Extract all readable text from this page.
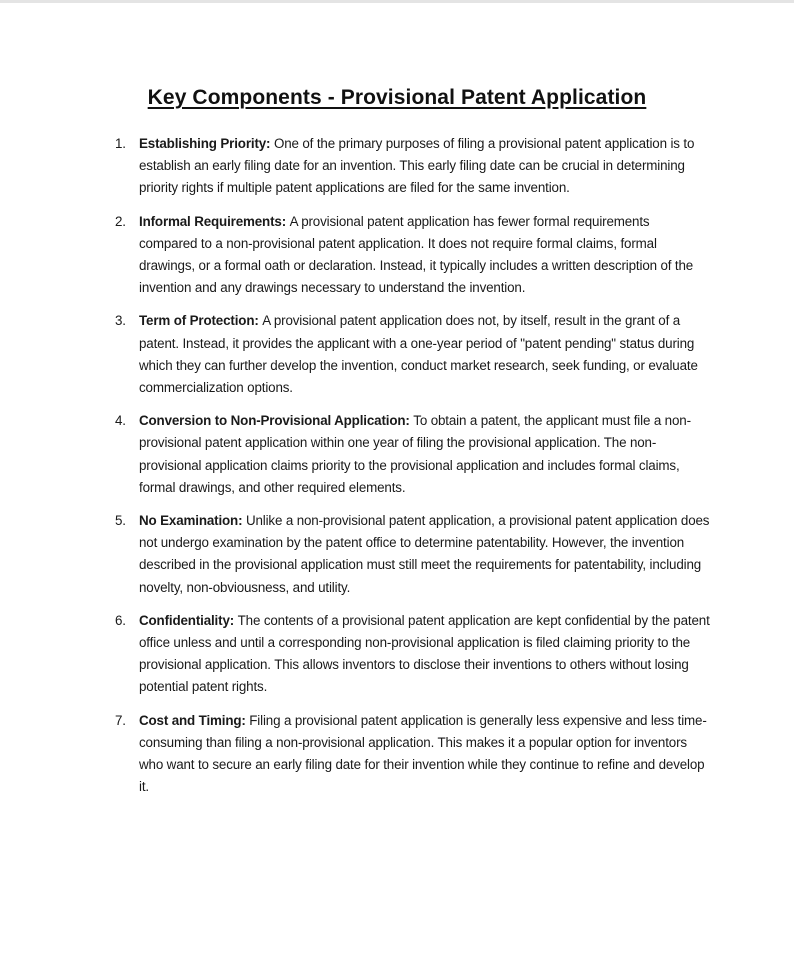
Key Components - Provisional Patent Application
1. Establishing Priority: One of the primary purposes of filing a provisional patent application is to establish an early filing date for an invention. This early filing date can be crucial in determining priority rights if multiple patent applications are filed for the same invention.
2. Informal Requirements: A provisional patent application has fewer formal requirements compared to a non-provisional patent application. It does not require formal claims, formal drawings, or a formal oath or declaration. Instead, it typically includes a written description of the invention and any drawings necessary to understand the invention.
3. Term of Protection: A provisional patent application does not, by itself, result in the grant of a patent. Instead, it provides the applicant with a one-year period of "patent pending" status during which they can further develop the invention, conduct market research, seek funding, or evaluate commercialization options.
4. Conversion to Non-Provisional Application: To obtain a patent, the applicant must file a non-provisional patent application within one year of filing the provisional application. The non-provisional application claims priority to the provisional application and includes formal claims, formal drawings, and other required elements.
5. No Examination: Unlike a non-provisional patent application, a provisional patent application does not undergo examination by the patent office to determine patentability. However, the invention described in the provisional application must still meet the requirements for patentability, including novelty, non-obviousness, and utility.
6. Confidentiality: The contents of a provisional patent application are kept confidential by the patent office unless and until a corresponding non-provisional application is filed claiming priority to the provisional application. This allows inventors to disclose their inventions to others without losing potential patent rights.
7. Cost and Timing: Filing a provisional patent application is generally less expensive and less time-consuming than filing a non-provisional application. This makes it a popular option for inventors who want to secure an early filing date for their invention while they continue to refine and develop it.
